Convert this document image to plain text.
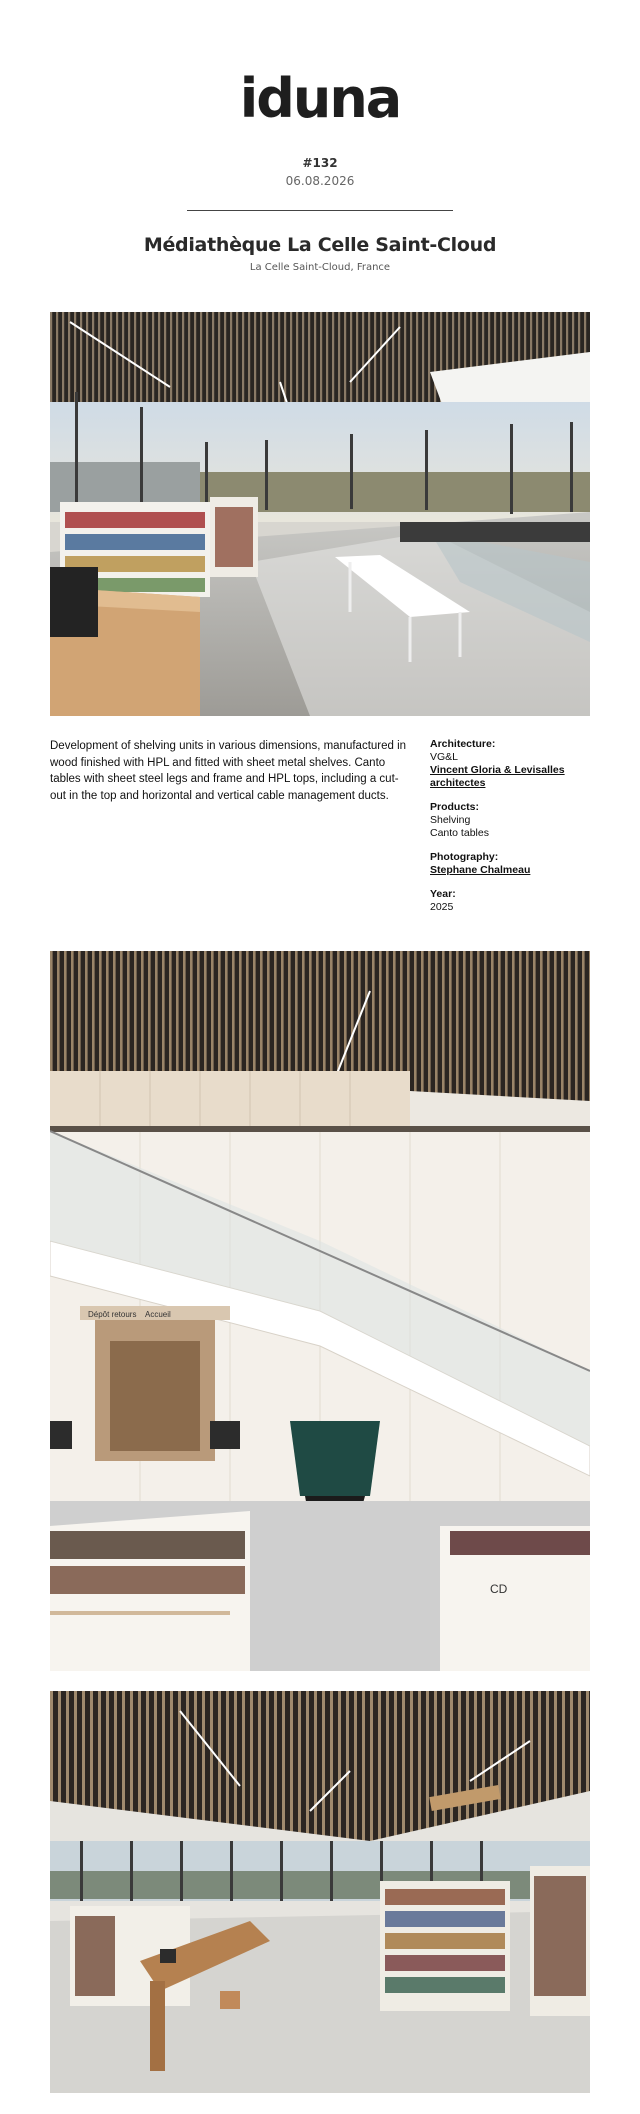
iduna
#132
06.08.2026
Médiathèque La Celle Saint-Cloud
La Celle Saint-Cloud, France
Development of shelving units in various dimensions, manufactured in wood finished with HPL and fitted with sheet metal shelves. Canto tables with sheet steel legs and frame and HPL tops, including a cut-out in the top and horizontal and vertical cable management ducts.
Architecture:
VG&L
Vincent Gloria & Levisalles architectes
Products:
Shelving
Canto tables
Photography:
Stephane Chalmeau
Year:
2025
Dépôt retours Accueil
CD
